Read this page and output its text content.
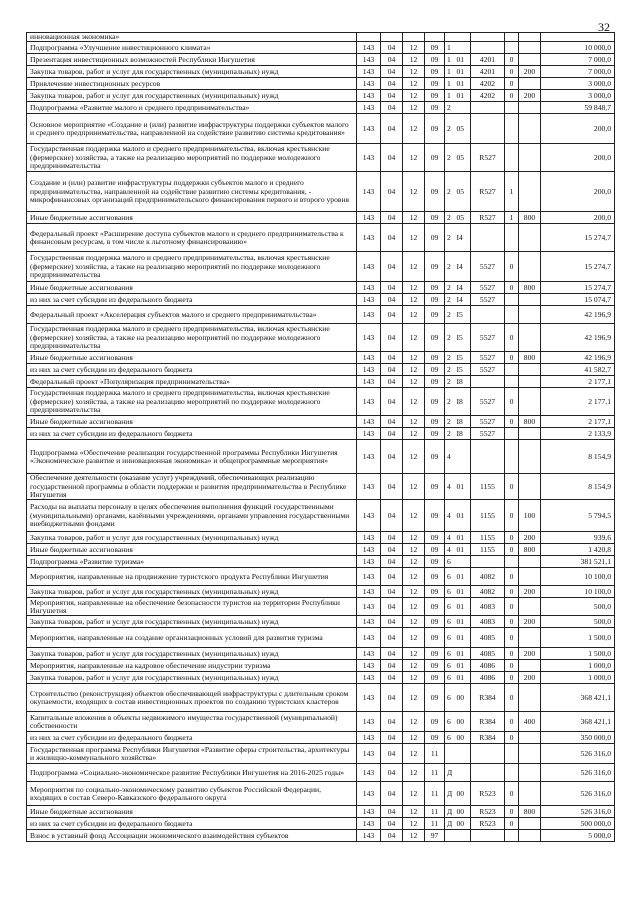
32
инновационная экономика»										
Подпрограмма «Улучшение инвестиционного климата»	143	04	12	09	1					10 000,0
Презентация инвестиционных возможностей Республики Ингушетия	143	04	12	09	1	01	4201	0		7 000,0
Закупка товаров, работ и услуг для государственных (муниципальных) нужд	143	04	12	09	1	01	4201	0	200	7 000,0
Привлечение инвестиционных ресурсов	143	04	12	09	1	01	4202	0		3 000,0
Закупка товаров, работ и услуг для государственных (муниципальных) нужд	143	04	12	09	1	01	4202	0	200	3 000,0
Подпрограмма «Развитие малого и среднего предпринимательства»	143	04	12	09	2					59 848,7
Основное мероприятие «Создание и (или) развитие инфраструктуры поддержки субъектов малого и среднего предпринимательства, направленной на содействие развитию системы кредитования»	143	04	12	09	2	05				200,0
Государственная поддержка малого и среднего предпринимательства, включая крестьянские (фермерские) хозяйства, а также на реализацию мероприятий по поддержке молодежного предпринимательства	143	04	12	09	2	05	R527			200,0
Создание и (или) развитие инфраструктуры поддержки субъектов малого и среднего предпринимательства, направленной на содействие развитию системы кредитования, - микрофинансовых организаций предпринимательского финансирования первого и второго уровня	143	04	12	09	2	05	R527	1		200,0
Иные бюджетные ассигнования	143	04	12	09	2	05	R527	1	800	200,0
Федеральный проект «Расширение доступа субъектов малого и среднего предпринимательства к финансовым ресурсам, в том числе к льготному финансированию»	143	04	12	09	2	I4				15 274,7
Государственная поддержка малого и среднего предпринимательства, включая крестьянские (фермерские) хозяйства, а также на реализацию мероприятий по поддержке молодежного предпринимательства	143	04	12	09	2	I4	5527	0		15 274,7
Иные бюджетные ассигнования	143	04	12	09	2	I4	5527	0	800	15 274,7
из них за счет субсидии из федерального бюджета	143	04	12	09	2	I4	5527			15 074,7
Федеральный проект «Акселерация субъектов малого и среднего предпринимательства»	143	04	12	09	2	I5				42 196,9
Государственная поддержка малого и среднего предпринимательства, включая крестьянские (фермерские) хозяйства, а также на реализацию мероприятий по поддержке молодежного предпринимательства	143	04	12	09	2	I5	5527	0		42 196,9
Иные бюджетные ассигнования	143	04	12	09	2	I5	5527	0	800	42 196,9
из них за счет субсидии из федерального бюджета	143	04	12	09	2	I5	5527			41 582,7
Федеральный проект «Популяризация предпринимательства»	143	04	12	09	2	I8				2 177,1
Государственная поддержка малого и среднего предпринимательства, включая крестьянские (фермерские) хозяйства, а также на реализацию мероприятий по поддержке молодежного предпринимательства	143	04	12	09	2	I8	5527	0		2 177,1
Иные бюджетные ассигнования	143	04	12	09	2	I8	5527	0	800	2 177,1
из них за счет субсидии из федерального бюджета	143	04	12	09	2	I8	5527			2 133,9
Подпрограмма «Обеспечение реализации государственной программы Республики Ингушетия «Экономическое развитие и инновационная экономика» и общепрограммные мероприятия»	143	04	12	09	4					8 154,9
Обеспечение деятельности (оказание услуг) учреждений, обеспечивающих реализацию государственной программы в области поддержки и развития предпринимательства в Республике Ингушетия	143	04	12	09	4	01	1155	0		8 154,9
Расходы на выплаты персоналу в целях обеспечения выполнения функций государственными (муниципальными) органами, казёнными учреждениями, органами управления государственными внебюджетными фондами	143	04	12	09	4	01	1155	0	100	5 794,5
Закупка товаров, работ и услуг для государственных (муниципальных) нужд	143	04	12	09	4	01	1155	0	200	939,6
Иные бюджетные ассигнования	143	04	12	09	4	01	1155	0	800	1 420,8
Подпрограмма «Развитие туризма»	143	04	12	09	6					381 521,1
Мероприятия, направленные на продвижение туристского продукта Республики Ингушетия	143	04	12	09	6	01	4082	0		10 100,0
Закупка товаров, работ и услуг для государственных (муниципальных) нужд	143	04	12	09	6	01	4082	0	200	10 100,0
Мероприятия, направленные на обеспечение безопасности туристов на территории Республики Ингушетия	143	04	12	09	6	01	4083	0		500,0
Закупка товаров, работ и услуг для государственных (муниципальных) нужд	143	04	12	09	6	01	4083	0	200	500,0
Мероприятия, направленные на создание организационных условий для развития туризма	143	04	12	09	6	01	4085	0		1 500,0
Закупка товаров, работ и услуг для государственных (муниципальных) нужд	143	04	12	09	6	01	4085	0	200	1 500,0
Мероприятия, направленные на кадровое обеспечение индустрии туризма	143	04	12	09	6	01	4086	0		1 000,0
Закупка товаров, работ и услуг для государственных (муниципальных) нужд	143	04	12	09	6	01	4086	0	200	1 000,0
Строительство (реконструкция) объектов обеспечивающей инфраструктуры с длительным сроком окупаемости, входящих в состав инвестиционных проектов по созданию туристских кластеров	143	04	12	09	6	00	R384	0		368 421,1
Капитальные вложения в объекты недвижимого имущества государственной (муниципальной) собственности	143	04	12	09	6	00	R384	0	400	368 421,1
из них за счет субсидии из федерального бюджета	143	04	12	09	6	00	R384	0		350 000,0
Государственная программа Республики Ингушетия «Развитие сферы строительства, архитектуры и жилищно-коммунального хозяйства»	143	04	12	11						526 316,0
Подпрограмма «Социально-экономическое развитие Республики Ингушетия на 2016-2025 годы»	143	04	12	11	Д					526 316,0
Мероприятия по социально-экономическому развитию субъектов Российской Федерации, входящих в состав Северо-Кавказского федерального округа	143	04	12	11	Д	00	R523	0		526 316,0
Иные бюджетные ассигнования	143	04	12	11	Д	00	R523	0	800	526 316,0
из них за счет субсидии из федерального бюджета	143	04	12	11	Д	00	R523	0		500 000,0
Взнос в уставный фонд Ассоциации экономического взаимодействия субъектов	143	04	12	97						5 000,0
